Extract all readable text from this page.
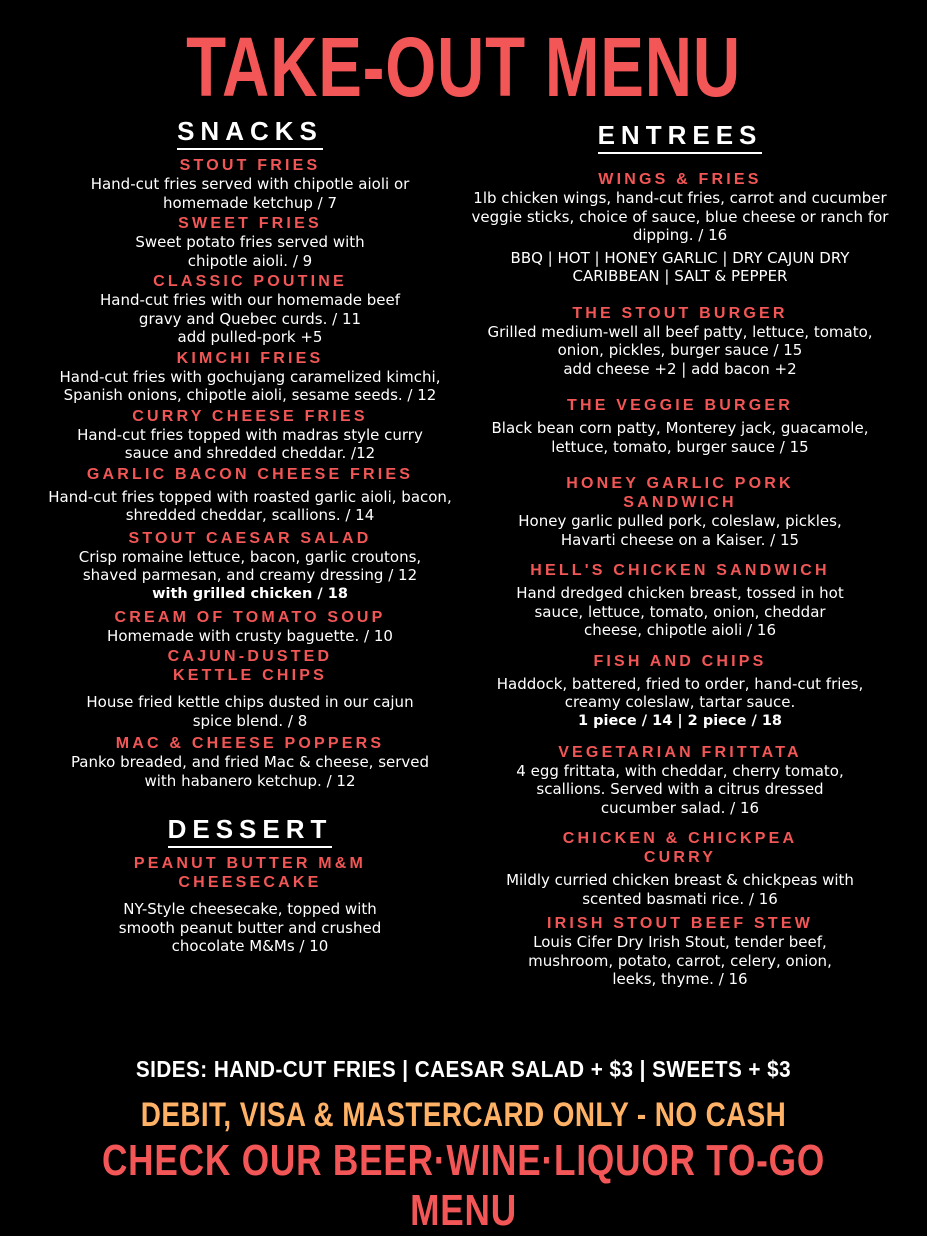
TAKE-OUT MENU
SNACKS

STOUT FRIES

Hand-cut fries served with chipotle aioli or homemade ketchup / 7

SWEET FRIES

Sweet potato fries served with chipotle aioli. / 9

CLASSIC POUTINE

Hand-cut fries with our homemade beef gravy and Quebec curds. / 11

add pulled-pork +5

KIMCHI FRIES

Hand-cut fries with gochujang caramelized kimchi, Spanish onions, chipotle aioli, sesame seeds. / 12

CURRY CHEESE FRIES

Hand-cut fries topped with madras style curry sauce and shredded cheddar. /12

GARLIC BACON CHEESE FRIES

Hand-cut fries topped with roasted garlic aioli, bacon, shredded cheddar, scallions. / 14

STOUT CAESAR SALAD

Crisp romaine lettuce, bacon, garlic croutons, shaved parmesan, and creamy dressing / 12

with grilled chicken / 18

CREAM OF TOMATO SOUP

Homemade with crusty baguette. / 10

CAJUN-DUSTED KETTLE CHIPS

House fried kettle chips dusted in our cajun spice blend. / 8

MAC & CHEESE POPPERS

Panko breaded, and fried Mac & cheese, served with habanero ketchup. / 12

DESSERT

PEANUT BUTTER M&M CHEESECAKE

NY-Style cheesecake, topped with smooth peanut butter and crushed chocolate M&Ms / 10

ENTREES

WINGS & FRIES

1lb chicken wings, hand-cut fries, carrot and cucumber veggie sticks, choice of sauce, blue cheese or ranch for dipping. / 16

BBQ | HOT | HONEY GARLIC | DRY CAJUN DRY CARIBBEAN | SALT & PEPPER

THE STOUT BURGER

Grilled medium-well all beef patty, lettuce, tomato, onion, pickles, burger sauce / 15

add cheese +2 | add bacon +2

THE VEGGIE BURGER

Black bean corn patty, Monterey jack, guacamole, lettuce, tomato, burger sauce / 15

HONEY GARLIC PORK SANDWICH

Honey garlic pulled pork, coleslaw, pickles, Havarti cheese on a Kaiser. / 15

HELL'S CHICKEN SANDWICH

Hand dredged chicken breast, tossed in hot sauce, lettuce, tomato, onion, cheddar cheese, chipotle aioli / 16

FISH AND CHIPS

Haddock, battered, fried to order, hand-cut fries, creamy coleslaw, tartar sauce.

1 piece / 14 | 2 piece / 18

VEGETARIAN FRITTATA

4 egg frittata, with cheddar, cherry tomato, scallions. Served with a citrus dressed cucumber salad. / 16

CHICKEN & CHICKPEA CURRY

Mildly curried chicken breast & chickpeas with scented basmati rice. / 16

IRISH STOUT BEEF STEW

Louis Cifer Dry Irish Stout, tender beef, mushroom, potato, carrot, celery, onion, leeks, thyme. / 16

SIDES: HAND-CUT FRIES | CAESAR SALAD + $3 | SWEETS + $3
DEBIT, VISA & MASTERCARD ONLY - NO CASH
CHECK OUR BEER·WINE·LIQUOR TO-GO MENU
